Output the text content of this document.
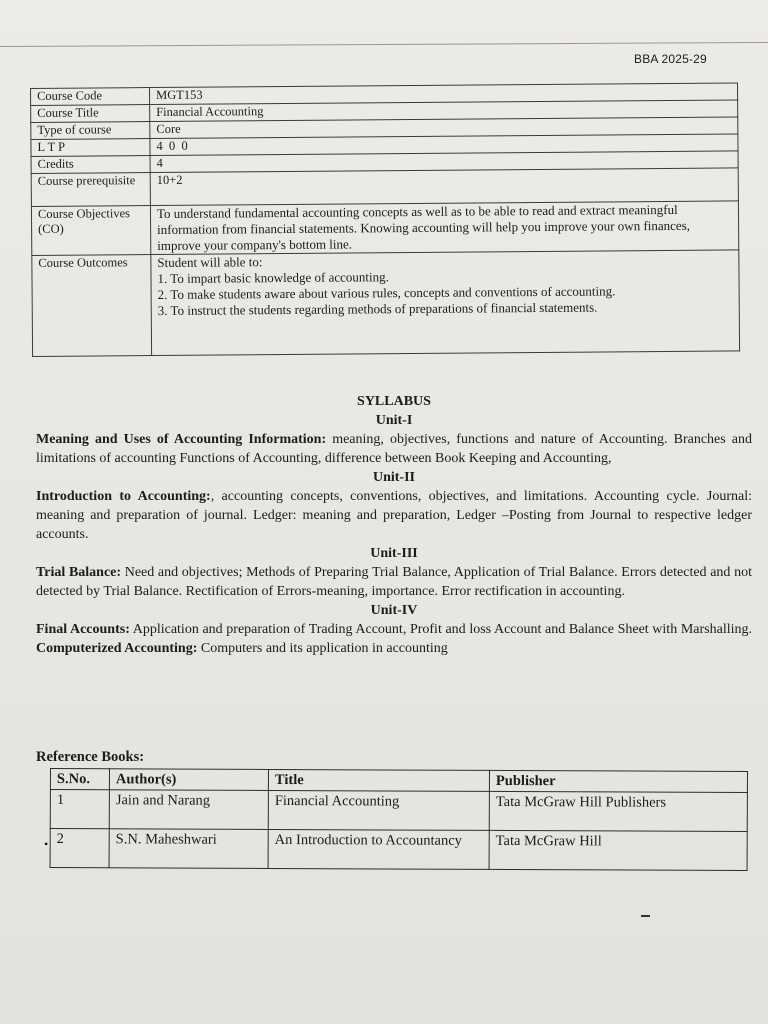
BBA 2025-29
Course Code	MGT153
Course Title	Financial Accounting
Type of course	Core
L T P	4  0  0
Credits	4
Course prerequisite	10+2
Course Objectives (CO)	To understand fundamental accounting concepts as well as to be able to read and extract meaningful information from financial statements. Knowing accounting will help you improve your own finances, improve your company's bottom line.
Course Outcomes	Student will able to:
1. To impart basic knowledge of accounting.
2. To make students aware about various rules, concepts and conventions of accounting.
3. To instruct the students regarding methods of preparations of financial statements.
SYLLABUS
Unit-I

Meaning and Uses of Accounting Information: meaning, objectives, functions and nature of Accounting. Branches and limitations of accounting Functions of Accounting, difference between Book Keeping and Accounting,

Unit-II

Introduction to Accounting:, accounting concepts, conventions, objectives, and limitations. Accounting cycle. Journal: meaning and preparation of journal. Ledger: meaning and preparation, Ledger –Posting from Journal to respective ledger accounts.

Unit-III

Trial Balance: Need and objectives; Methods of Preparing Trial Balance, Application of Trial Balance. Errors detected and not detected by Trial Balance. Rectification of Errors-meaning, importance. Error rectification in accounting.

Unit-IV

Final Accounts: Application and preparation of Trading Account, Profit and loss Account and Balance Sheet with Marshalling. Computerized Accounting: Computers and its application in accounting

Reference Books:
S.No.	Author(s)	Title	Publisher
1	Jain and Narang	Financial Accounting	Tata McGraw Hill Publishers
2	S.N. Maheshwari	An Introduction to Accountancy	Tata McGraw Hill
•
